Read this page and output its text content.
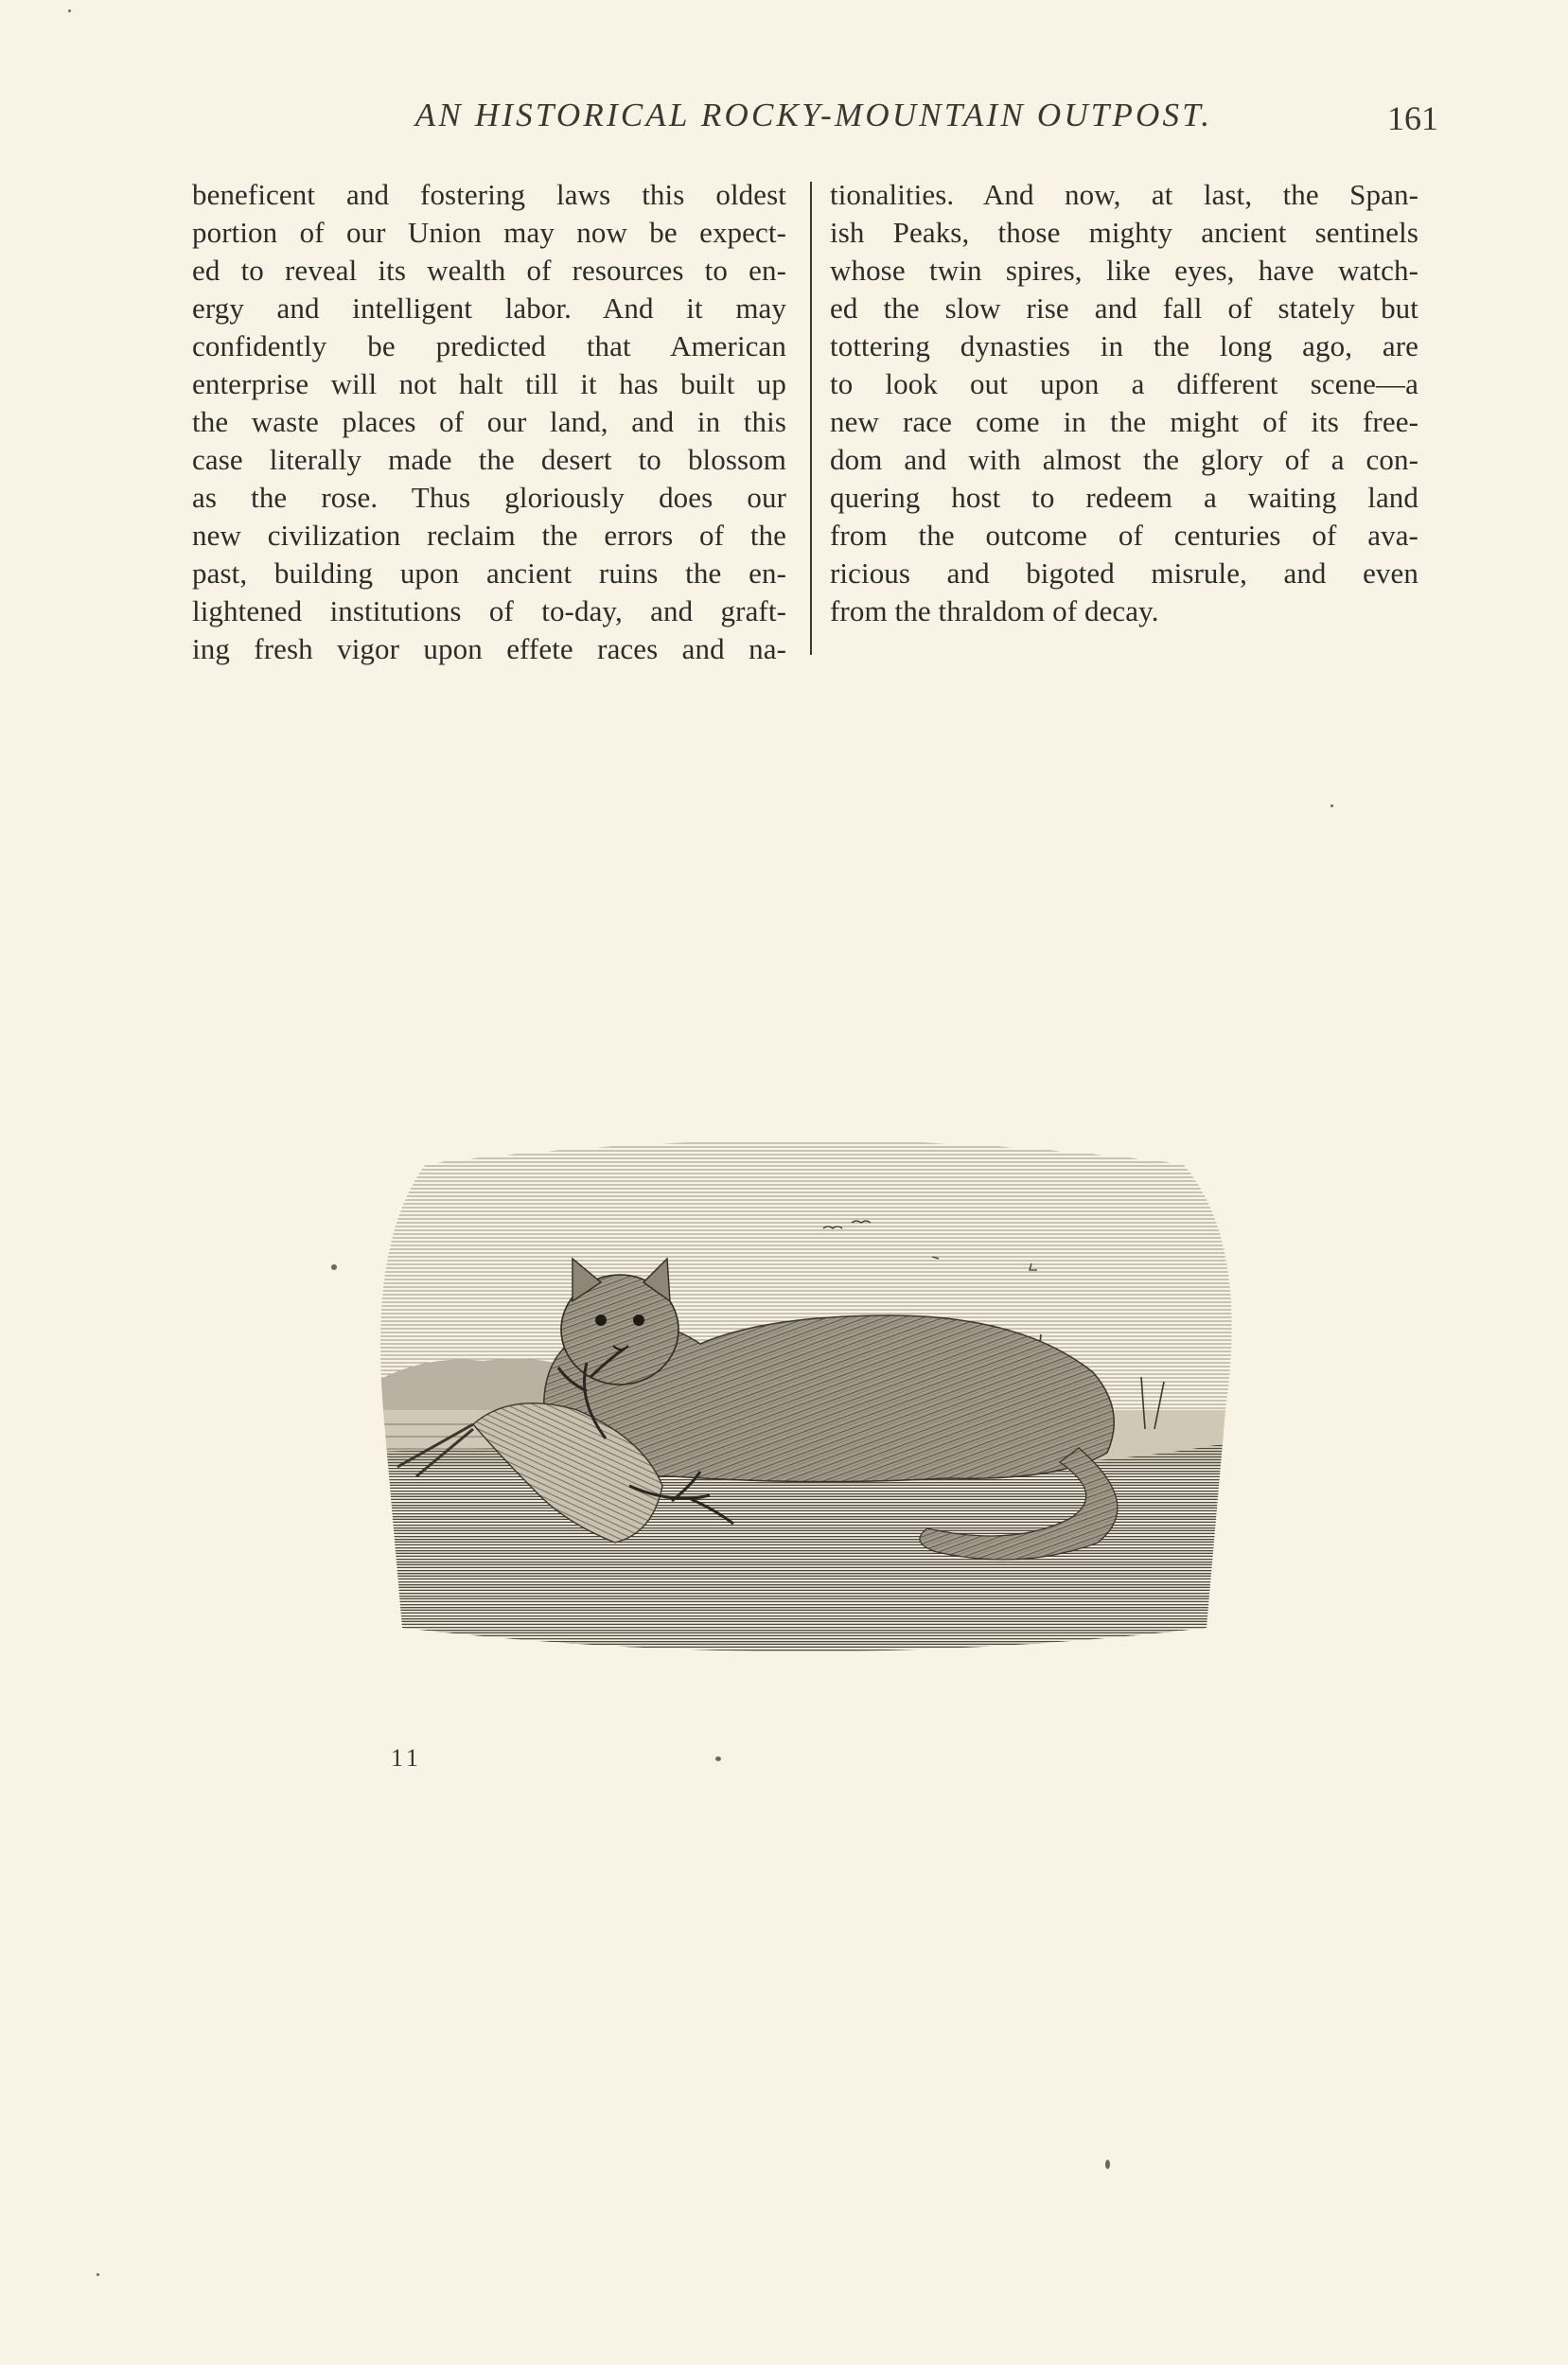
AN HISTORICAL ROCKY-MOUNTAIN OUTPOST.	161
beneficent and fostering laws this oldest
portion of our Union may now be expect-
ed to reveal its wealth of resources to en-
ergy and intelligent labor. And it may
confidently be predicted that American
enterprise will not halt till it has built up
the waste places of our land, and in this
case literally made the desert to blossom
as the rose. Thus gloriously does our
new civilization reclaim the errors of the
past, building upon ancient ruins the en-
lightened institutions of to-day, and graft-
ing fresh vigor upon effete races and na-
tionalities. And now, at last, the Span-
ish Peaks, those mighty ancient sentinels
whose twin spires, like eyes, have watch-
ed the slow rise and fall of stately but
tottering dynasties in the long ago, are
to look out upon a different scene—a
new race come in the might of its free-
dom and with almost the glory of a con-
quering host to redeem a waiting land
from the outcome of centuries of ava-
ricious and bigoted misrule, and even
from the thraldom of decay.
11
